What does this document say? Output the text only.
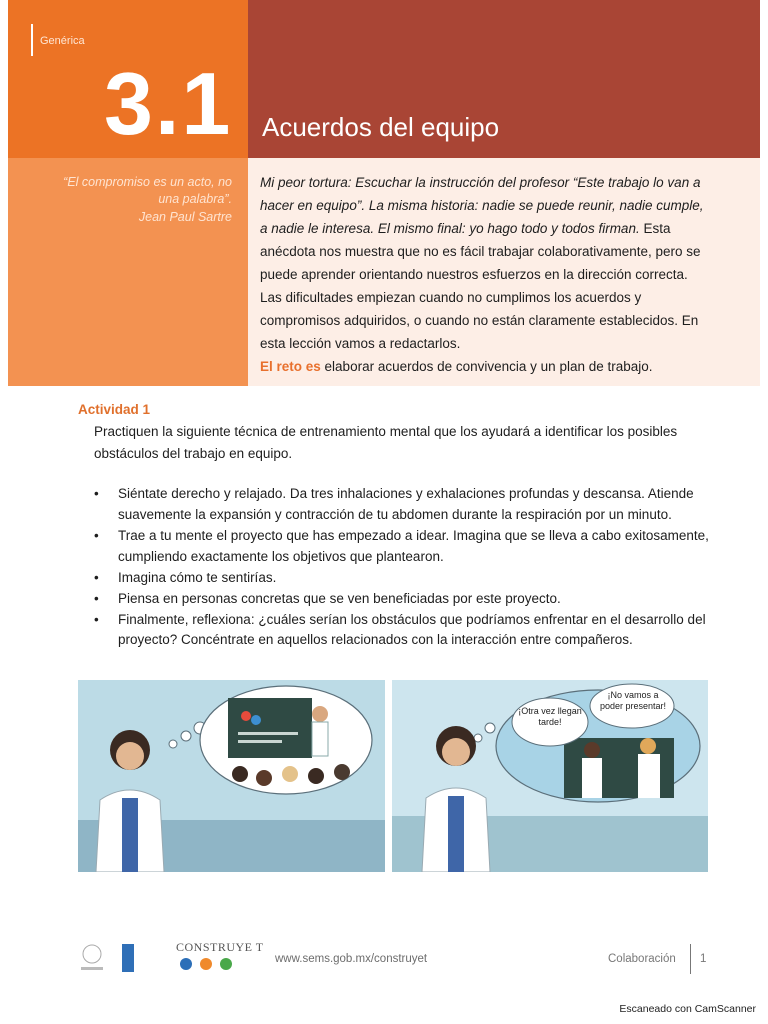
Genérica
3.1 Acuerdos del equipo
“El compromiso es un acto, no
una palabra”.
Jean Paul Sartre
Mi peor tortura: Escuchar la instrucción del profesor “Este trabajo lo van a hacer en equipo”. La misma historia: nadie se puede reunir, nadie cumple, a nadie le interesa. El mismo final: yo hago todo y todos firman. Esta anécdota nos muestra que no es fácil trabajar colaborativamente, pero se puede aprender orientando nuestros esfuerzos en la dirección correcta. Las dificultades empiezan cuando no cumplimos los acuerdos y compromisos adquiridos, o cuando no están claramente establecidos. En esta lección vamos a redactarlos.
El reto es elaborar acuerdos de convivencia y un plan de trabajo.
Actividad 1
Practiquen la siguiente técnica de entrenamiento mental que los ayudará a identificar los posibles obstáculos del trabajo en equipo.
• Siéntate derecho y relajado. Da tres inhalaciones y exhalaciones profundas y descansa. Atiende suavemente la expansión y contracción de tu abdomen durante la respiración por un minuto.
• Trae a tu mente el proyecto que has empezado a idear. Imagina que se lleva a cabo exitosamente, cumpliendo exactamente los objetivos que plantearon.
• Imagina cómo te sentirías.
• Piensa en personas concretas que se ven beneficiadas por este proyecto.
• Finalmente, reflexiona: ¿cuáles serían los obstáculos que podríamos enfrentar en el desarrollo del proyecto? Concéntrate en aquellos relacionados con la interacción entre compañeros.
¡Otra vez llegan tarde!
¡No vamos a poder presentar!
CONSTRUYE T
www.sems.gob.mx/construyet	Colaboración 1
Escaneado con CamScanner
